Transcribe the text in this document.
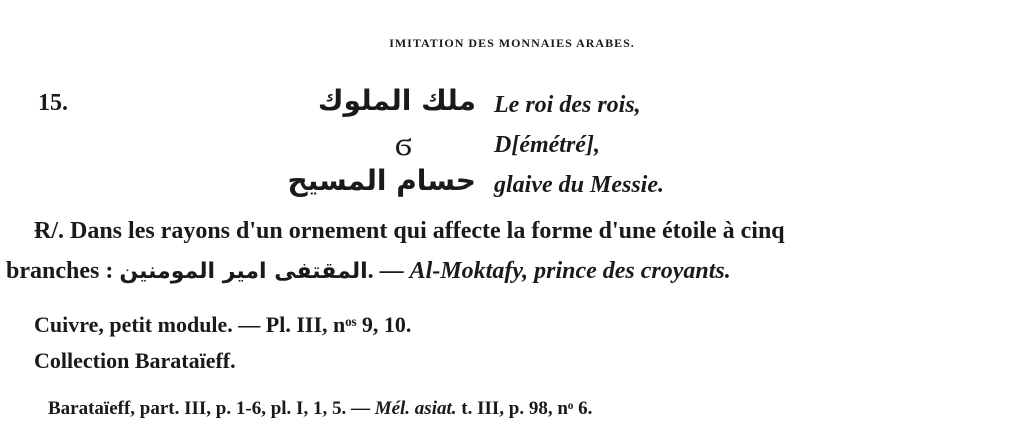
IMITATION DES MONNAIES ARABES.
15.	ملك الملوك
ϭ
حسام المسيح
Le roi des rois,
D[émétré],
glaive du Messie.
Ɍ/. Dans les rayons d'un ornement qui affecte la forme d'une étoile à cinq
branches : المقتفى امير المومنين. — Al-Moktafy, prince des croyants.
Cuivre, petit module. — Pl. III, nᵒˢ 9, 10.
Collection Barataïeff.
Barataïeff, part. III, p. 1-6, pl. I, 1, 5. — Mél. asiat. t. III, p. 98, nᵒ 6.
